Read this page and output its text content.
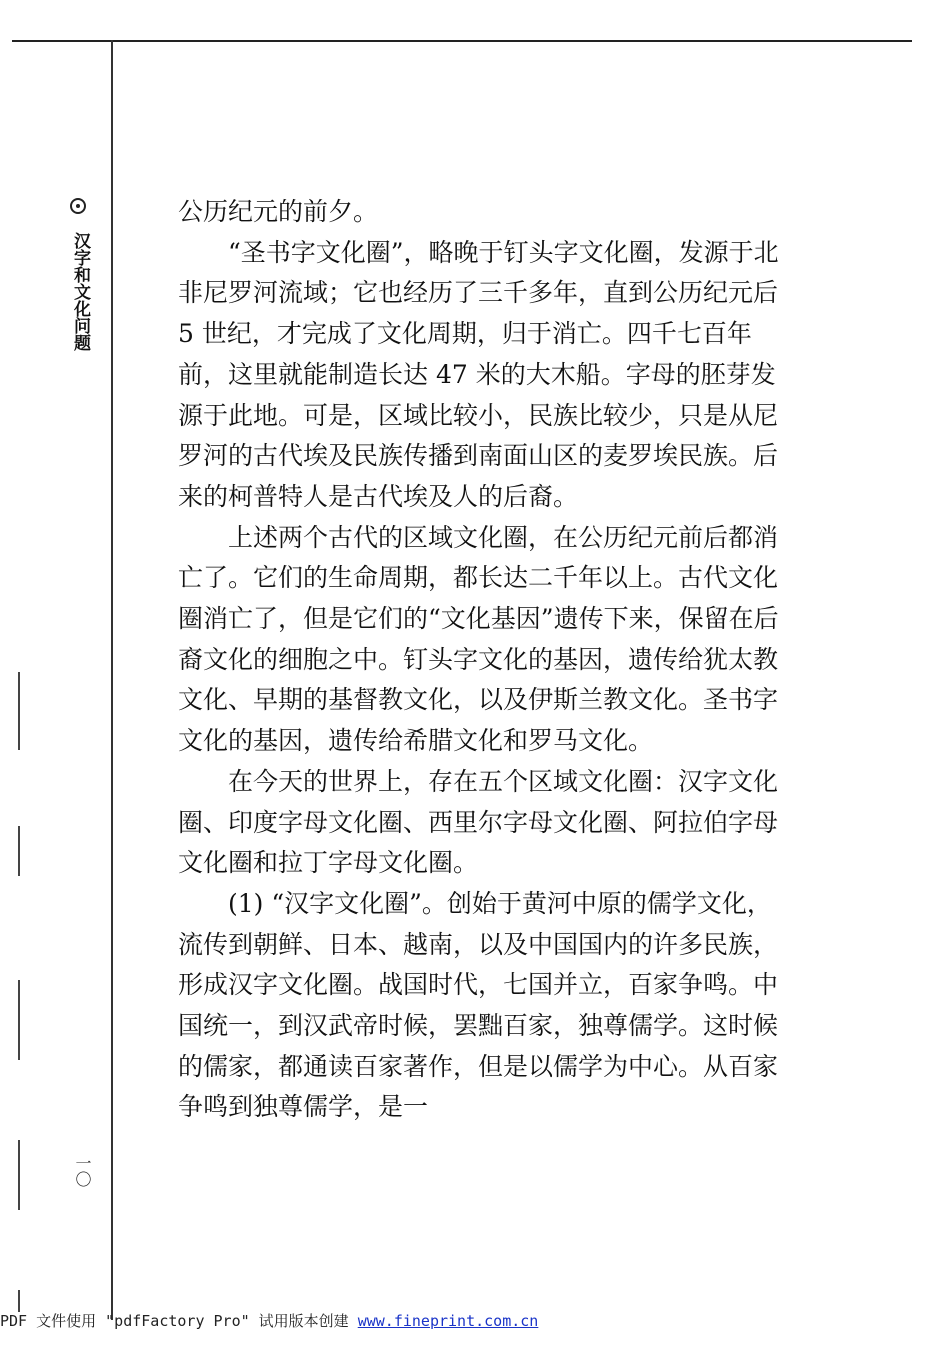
汉字和文化问题
一〇

公历纪元的前夕。

“圣书字文化圈”，略晚于钉头字文化圈，发源于北非尼罗河流域；它也经历了三千多年，直到公历纪元后 5 世纪，才完成了文化周期，归于消亡。四千七百年前，这里就能制造长达 47 米的大木船。字母的胚芽发源于此地。可是，区域比较小，民族比较少，只是从尼罗河的古代埃及民族传播到南面山区的麦罗埃民族。后来的柯普特人是古代埃及人的后裔。

上述两个古代的区域文化圈，在公历纪元前后都消亡了。它们的生命周期，都长达二千年以上。古代文化圈消亡了，但是它们的“文化基因”遗传下来，保留在后裔文化的细胞之中。钉头字文化的基因，遗传给犹太教文化、早期的基督教文化，以及伊斯兰教文化。圣书字文化的基因，遗传给希腊文化和罗马文化。

在今天的世界上，存在五个区域文化圈：汉字文化圈、印度字母文化圈、西里尔字母文化圈、阿拉伯字母文化圈和拉丁字母文化圈。

(1) “汉字文化圈”。创始于黄河中原的儒学文化，流传到朝鲜、日本、越南，以及中国国内的许多民族，形成汉字文化圈。战国时代，七国并立，百家争鸣。中国统一，到汉武帝时候，罢黜百家，独尊儒学。这时候的儒家，都通读百家著作，但是以儒学为中心。从百家争鸣到独尊儒学，是一

PDF 文件使用 "pdfFactory Pro" 试用版本创建 www.fineprint.com.cn
